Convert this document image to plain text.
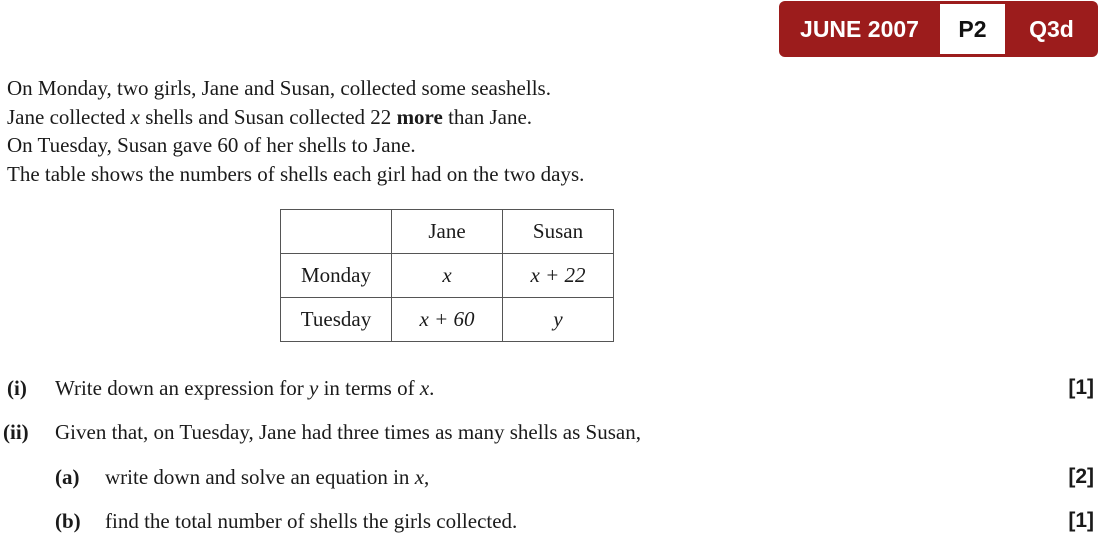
JUNE 2007	P2	Q3d

On Monday, two girls, Jane and Susan, collected some seashells.

Jane collected x shells and Susan collected 22 more than Jane.

On Tuesday, Susan gave 60 of her shells to Jane.

The table shows the numbers of shells each girl had on the two days.

	Jane	Susan
Monday	x	x + 22
Tuesday	x + 60	y
(i) Write down an expression for y in terms of x.	[1]
(ii) Given that, on Tuesday, Jane had three times as many shells as Susan,
(a) write down and solve an equation in x,	[2]
(b) find the total number of shells the girls collected.	[1]
